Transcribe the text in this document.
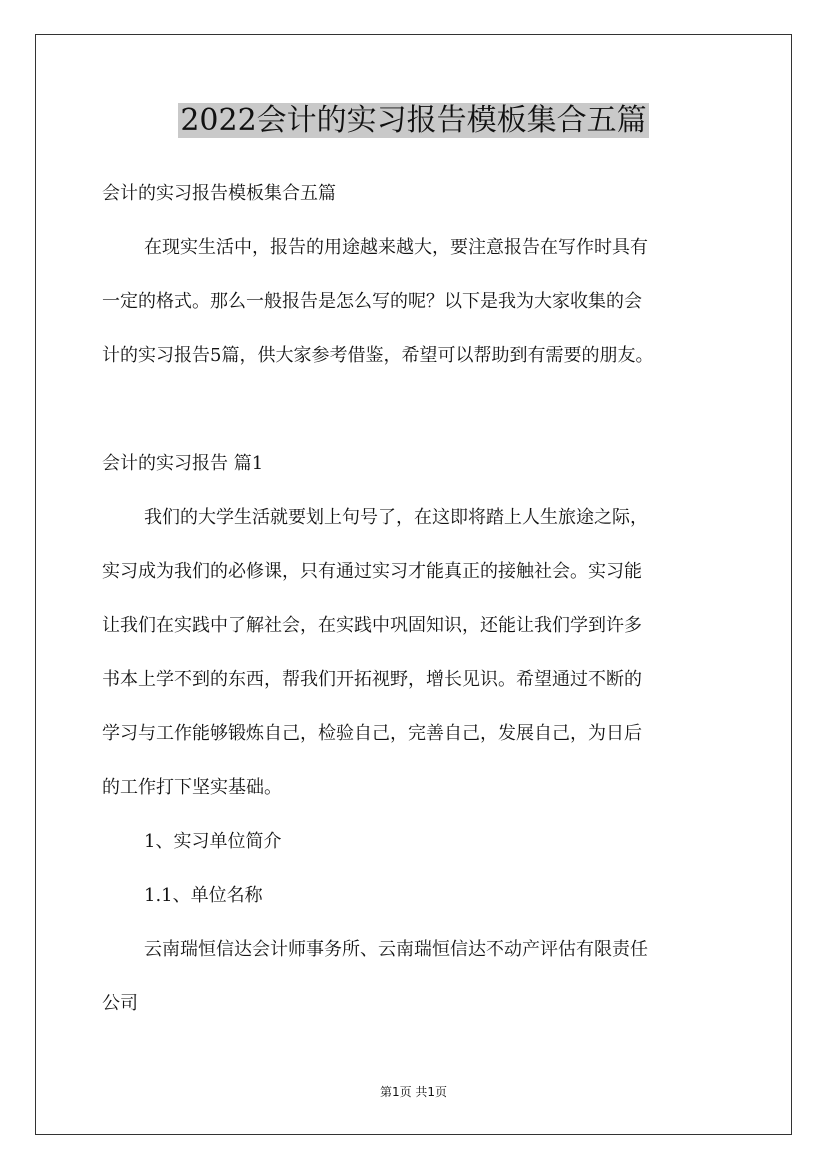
2022会计的实习报告模板集合五篇
会计的实习报告模板集合五篇
在现实生活中，报告的用途越来越大，要注意报告在写作时具有
一定的格式。那么一般报告是怎么写的呢？以下是我为大家收集的会
计的实习报告5篇，供大家参考借鉴，希望可以帮助到有需要的朋友。
会计的实习报告 篇1
我们的大学生活就要划上句号了，在这即将踏上人生旅途之际，
实习成为我们的必修课，只有通过实习才能真正的接触社会。实习能
让我们在实践中了解社会，在实践中巩固知识，还能让我们学到许多
书本上学不到的东西，帮我们开拓视野，增长见识。希望通过不断的
学习与工作能够锻炼自己，检验自己，完善自己，发展自己，为日后
的工作打下坚实基础。
1、实习单位简介
1.1、单位名称
云南瑞恒信达会计师事务所、云南瑞恒信达不动产评估有限责任
公司
第1页 共1页
